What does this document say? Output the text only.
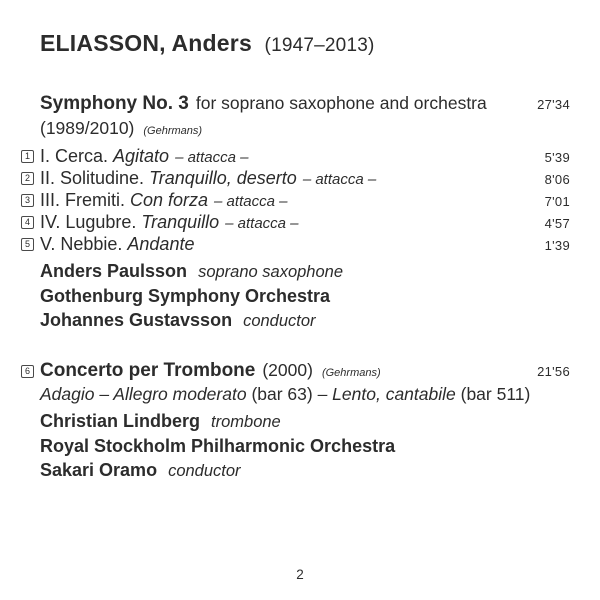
ELIASSON, Anders (1947–2013)
Symphony No. 3 for soprano saxophone and orchestra	27'34
(1989/2010) (Gehrmans)
1 I. Cerca. Agitato – attacca –	5'39
2 II. Solitudine. Tranquillo, deserto – attacca –	8'06
3 III. Fremiti. Con forza – attacca –	7'01
4 IV. Lugubre. Tranquillo – attacca –	4'57
5 V. Nebbie. Andante	1'39
Anders Paulsson soprano saxophone
Gothenburg Symphony Orchestra
Johannes Gustavsson conductor
6 Concerto per Trombone (2000) (Gehrmans)	21'56
Adagio – Allegro moderato (bar 63) – Lento, cantabile (bar 511)
Christian Lindberg trombone
Royal Stockholm Philharmonic Orchestra
Sakari Oramo conductor
2
